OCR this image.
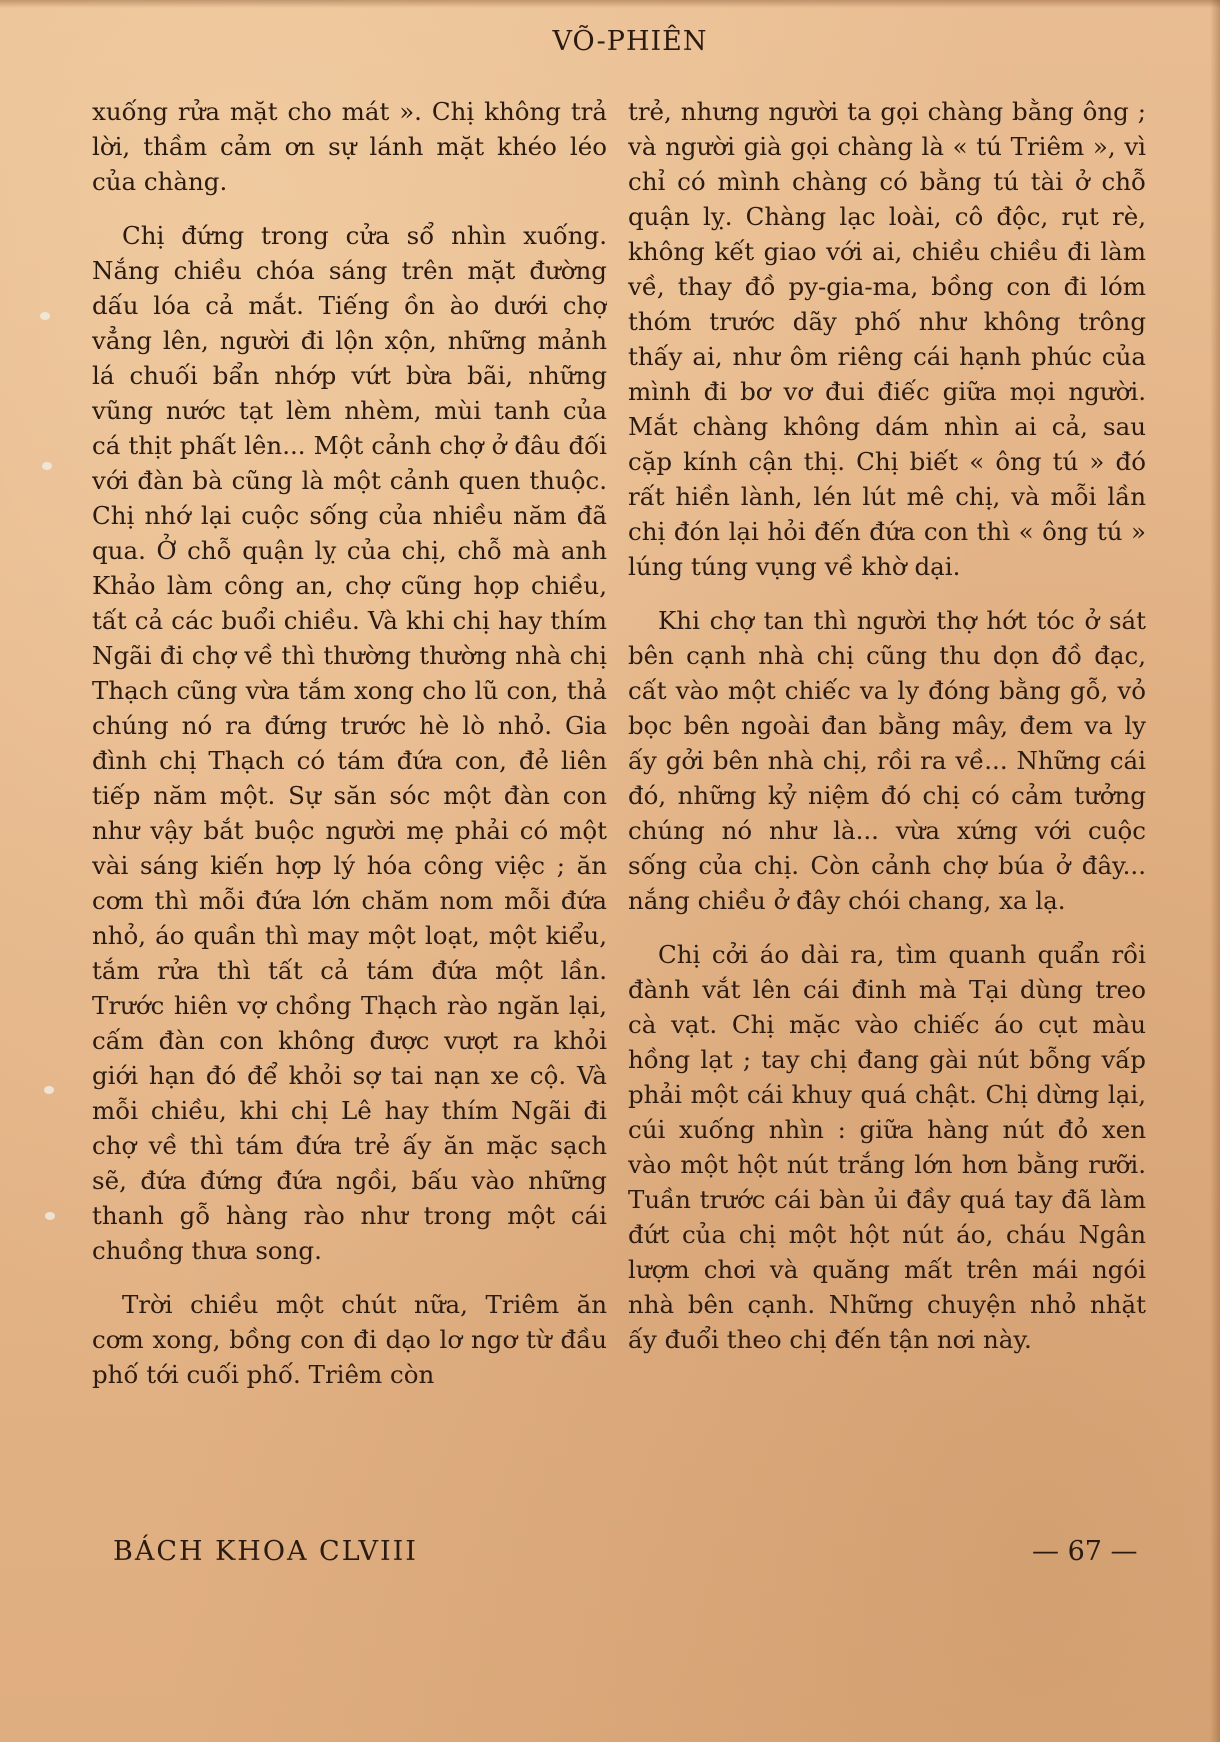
VÕ-PHIÊN

xuống rửa mặt cho mát ». Chị không trả lời, thầm cảm ơn sự lánh mặt khéo léo của chàng.

Chị đứng trong cửa sổ nhìn xuống. Nắng chiều chóa sáng trên mặt đường dấu lóa cả mắt. Tiếng ồn ào dưới chợ vẳng lên, người đi lộn xộn, những mảnh lá chuối bẩn nhớp vứt bừa bãi, những vũng nước tạt lèm nhèm, mùi tanh của cá thịt phất lên... Một cảnh chợ ở đâu đối với đàn bà cũng là một cảnh quen thuộc. Chị nhớ lại cuộc sống của nhiều năm đã qua. Ở chỗ quận lỵ của chị, chỗ mà anh Khảo làm công an, chợ cũng họp chiều, tất cả các buổi chiều. Và khi chị hay thím Ngãi đi chợ về thì thường thường nhà chị Thạch cũng vừa tắm xong cho lũ con, thả chúng nó ra đứng trước hè lò nhỏ. Gia đình chị Thạch có tám đứa con, đẻ liên tiếp năm một. Sự săn sóc một đàn con như vậy bắt buộc người mẹ phải có một vài sáng kiến hợp lý hóa công việc ; ăn cơm thì mỗi đứa lớn chăm nom mỗi đứa nhỏ, áo quần thì may một loạt, một kiểu, tắm rửa thì tất cả tám đứa một lần. Trước hiên vợ chồng Thạch rào ngăn lại, cấm đàn con không được vượt ra khỏi giới hạn đó để khỏi sợ tai nạn xe cộ. Và mỗi chiều, khi chị Lê hay thím Ngãi đi chợ về thì tám đứa trẻ ấy ăn mặc sạch sẽ, đứa đứng đứa ngồi, bấu vào những thanh gỗ hàng rào như trong một cái chuồng thưa song.

Trời chiều một chút nữa, Triêm ăn cơm xong, bồng con đi dạo lơ ngơ từ đầu phố tới cuối phố. Triêm còn

trẻ, nhưng người ta gọi chàng bằng ông ; và người già gọi chàng là « tú Triêm », vì chỉ có mình chàng có bằng tú tài ở chỗ quận lỵ. Chàng lạc loài, cô độc, rụt rè, không kết giao với ai, chiều chiều đi làm về, thay đồ py-gia-ma, bồng con đi lóm thóm trước dãy phố như không trông thấy ai, như ôm riêng cái hạnh phúc của mình đi bơ vơ đui điếc giữa mọi người. Mắt chàng không dám nhìn ai cả, sau cặp kính cận thị. Chị biết « ông tú » đó rất hiền lành, lén lút mê chị, và mỗi lần chị đón lại hỏi đến đứa con thì « ông tú » lúng túng vụng về khờ dại.

Khi chợ tan thì người thợ hớt tóc ở sát bên cạnh nhà chị cũng thu dọn đồ đạc, cất vào một chiếc va ly đóng bằng gỗ, vỏ bọc bên ngoài đan bằng mây, đem va ly ấy gởi bên nhà chị, rồi ra về... Những cái đó, những kỷ niệm đó chị có cảm tưởng chúng nó như là... vừa xứng với cuộc sống của chị. Còn cảnh chợ búa ở đây... nắng chiều ở đây chói chang, xa lạ.

Chị cởi áo dài ra, tìm quanh quẩn rồi đành vắt lên cái đinh mà Tại dùng treo cà vạt. Chị mặc vào chiếc áo cụt màu hồng lạt ; tay chị đang gài nút bỗng vấp phải một cái khuy quá chật. Chị dừng lại, cúi xuống nhìn : giữa hàng nút đỏ xen vào một hột nút trắng lớn hơn bằng rưỡi. Tuần trước cái bàn ủi đầy quá tay đã làm đứt của chị một hột nút áo, cháu Ngân lượm chơi và quăng mất trên mái ngói nhà bên cạnh. Những chuyện nhỏ nhặt ấy đuổi theo chị đến tận nơi này.

BÁCH KHOA CLVIII	— 67 —
